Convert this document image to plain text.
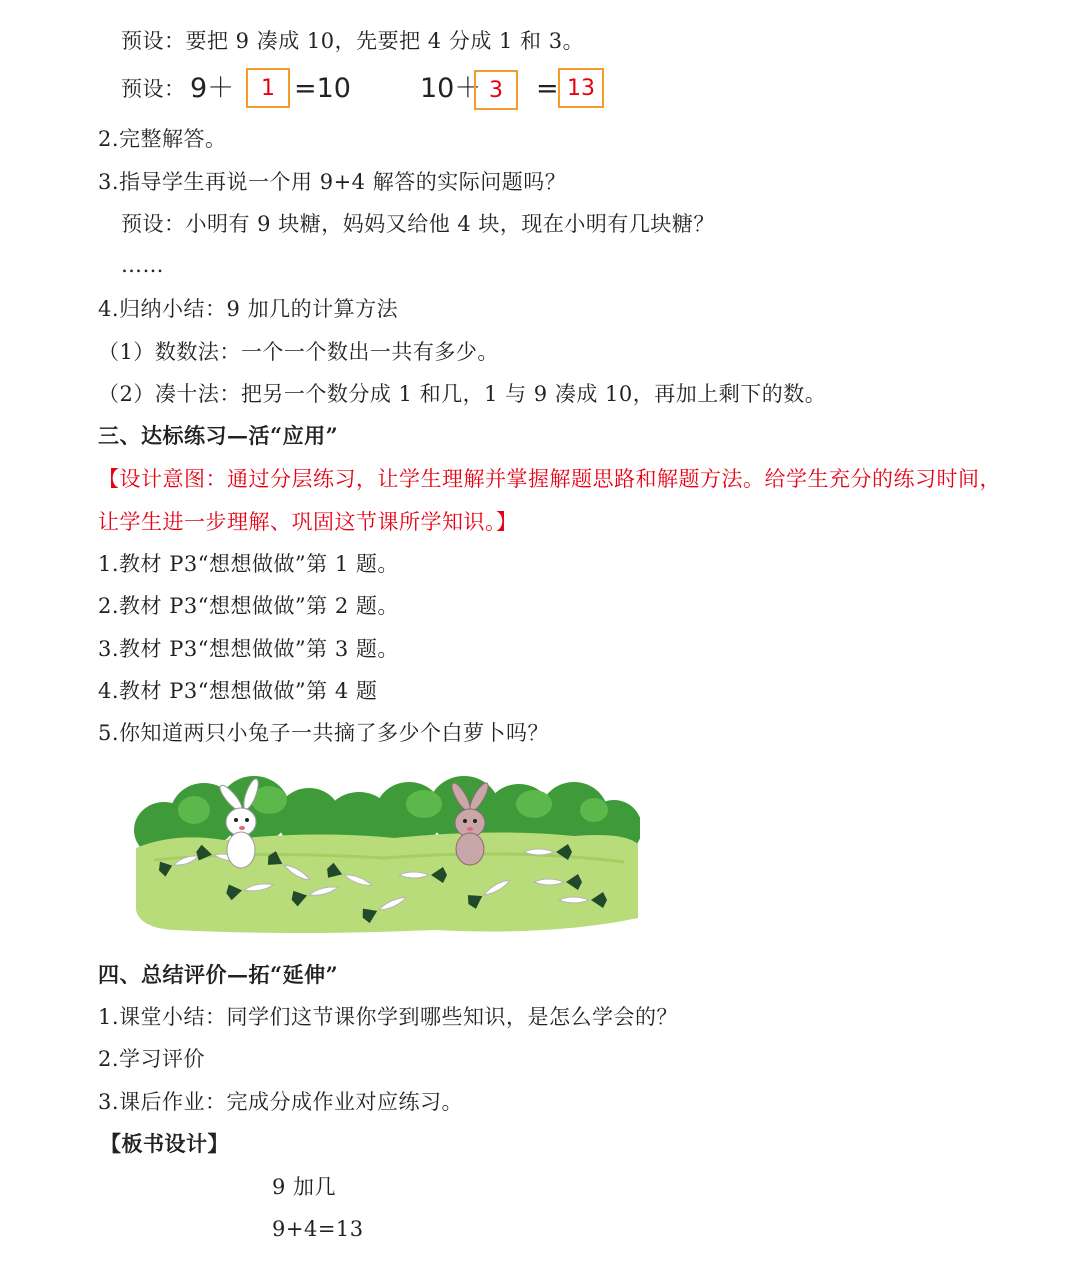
预设：要把 9 凑成 10，先要把 4 分成 1 和 3。
预设： 9＋	1 =10	10＋ 3	= 13
2.完整解答。
3.指导学生再说一个用 9+4 解答的实际问题吗？
预设：小明有 9 块糖，妈妈又给他 4 块，现在小明有几块糖？
……
4.归纳小结：9 加几的计算方法
（1）数数法：一个一个数出一共有多少。
（2）凑十法：把另一个数分成 1 和几，1 与 9 凑成 10，再加上剩下的数。
三、达标练习—活“应用”
【设计意图：通过分层练习，让学生理解并掌握解题思路和解题方法。给学生充分的练习时间，
让学生进一步理解、巩固这节课所学知识。】
1.教材 P3“想想做做”第 1 题。
2.教材 P3“想想做做”第 2 题。
3.教材 P3“想想做做”第 3 题。
4.教材 P3“想想做做”第 4 题
5.你知道两只小兔子一共摘了多少个白萝卜吗？
四、总结评价—拓“延伸”
1.课堂小结：同学们这节课你学到哪些知识，是怎么学会的？
2.学习评价
3.课后作业：完成分成作业对应练习。
【板书设计】
9 加几
9+4=13
